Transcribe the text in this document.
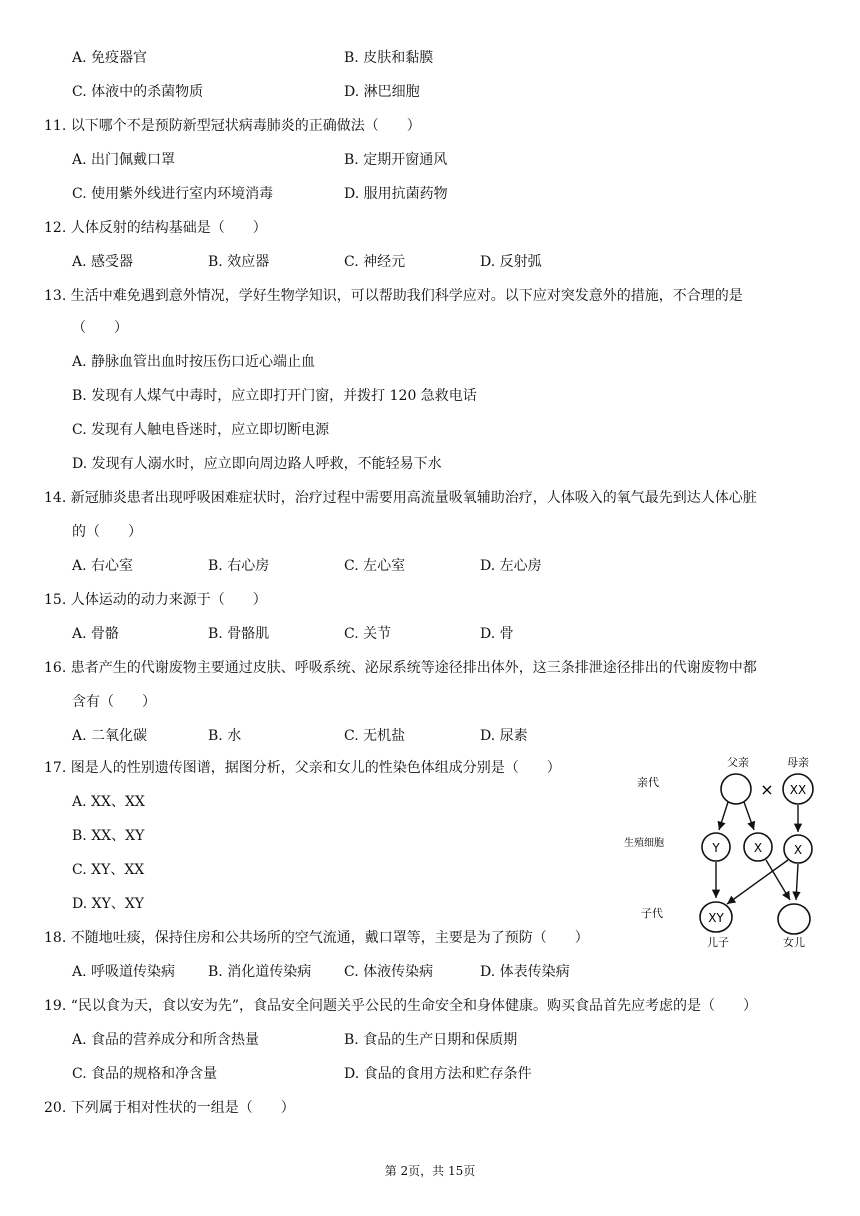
A. 免疫器官	B. 皮肤和黏膜
C. 体液中的杀菌物质	D. 淋巴细胞
11. 以下哪个不是预防新型冠状病毒肺炎的正确做法（　　）
A. 出门佩戴口罩	B. 定期开窗通风
C. 使用紫外线进行室内环境消毒	D. 服用抗菌药物
12. 人体反射的结构基础是（　　）
A. 感受器	B. 效应器	C. 神经元	D. 反射弧
13. 生活中难免遇到意外情况，学好生物学知识，可以帮助我们科学应对。以下应对突发意外的措施，不合理的是
（　　）
A. 静脉血管出血时按压伤口近心端止血
B. 发现有人煤气中毒时，应立即打开门窗，并拨打 120 急救电话
C. 发现有人触电昏迷时，应立即切断电源
D. 发现有人溺水时，应立即向周边路人呼救，不能轻易下水
14. 新冠肺炎患者出现呼吸困难症状时，治疗过程中需要用高流量吸氧辅助治疗，人体吸入的氧气最先到达人体心脏
的（　　）
A. 右心室	B. 右心房	C. 左心室	D. 左心房
15. 人体运动的动力来源于（　　）
A. 骨骼	B. 骨骼肌	C. 关节	D. 骨
16. 患者产生的代谢废物主要通过皮肤、呼吸系统、泌尿系统等途径排出体外，这三条排泄途径排出的代谢废物中都
含有（　　）
A. 二氧化碳	B. 水	C. 无机盐	D. 尿素
17. 图是人的性别遗传图谱，据图分析，父亲和女儿的性染色体组成分别是（　　）
A. XX、XX
B. XX、XY
C. XY、XX
D. XY、XY
18. 不随地吐痰，保持住房和公共场所的空气流通，戴口罩等，主要是为了预防（　　）
A. 呼吸道传染病 B. 消化道传染病 C. 体液传染病	D. 体表传染病
19. “民以食为天，食以安为先”，食品安全问题关乎公民的生命安全和身体健康。购买食品首先应考虑的是（　　）
A. 食品的营养成分和所含热量	B. 食品的生产日期和保质期
C. 食品的规格和净含量	D. 食品的食用方法和贮存条件
20. 下列属于相对性状的一组是（　　）
父亲	母亲
亲代
生殖细胞
子代
儿子	女儿
× XX
Y	X	X
XY
第 2页，共 15页
